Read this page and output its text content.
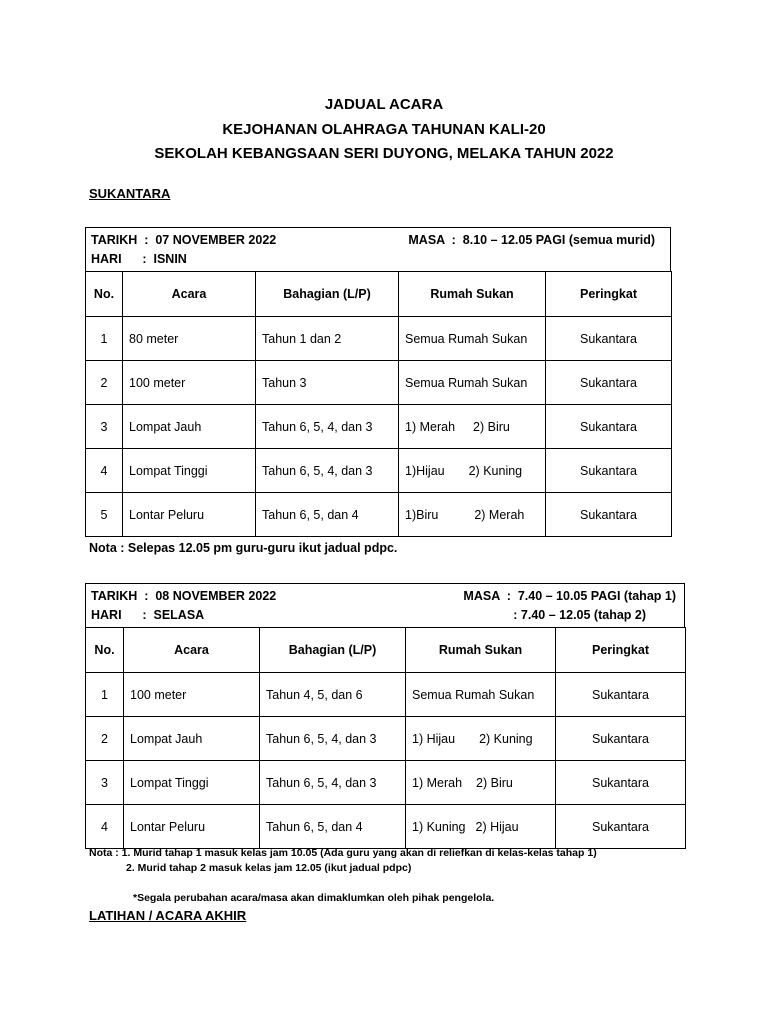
JADUAL ACARA
KEJOHANAN OLAHRAGA TAHUNAN KALI-20
SEKOLAH KEBANGSAAN SERI DUYONG, MELAKA TAHUN 2022
SUKANTARA
TARIKH  :  07 NOVEMBER 2022	MASA  :  8.10 – 12.05 PAGI (semua murid)
HARI      :  ISNIN
No.	Acara	Bahagian (L/P)	Rumah Sukan	Peringkat
1	80 meter	Tahun 1 dan 2	Semua Rumah Sukan	Sukantara
2	100 meter	Tahun 3	Semua Rumah Sukan	Sukantara
3	Lompat Jauh	Tahun 6, 5, 4, dan 3	1) Merah 2) Biru	Sukantara
4	Lompat Tinggi	Tahun 6, 5, 4, dan 3	1)Hijau 2) Kuning	Sukantara
5	Lontar Peluru	Tahun 6, 5, dan 4	1)Biru 2) Merah	Sukantara
Nota : Selepas 12.05 pm guru-guru ikut jadual pdpc.
TARIKH  :  08 NOVEMBER 2022	MASA  :  7.40 – 10.05 PAGI (tahap 1)
HARI      :  SELASA	: 7.40 – 12.05 (tahap 2)
No.	Acara	Bahagian (L/P)	Rumah Sukan	Peringkat
1	100 meter	Tahun 4, 5, dan 6	Semua Rumah Sukan	Sukantara
2	Lompat Jauh	Tahun 6, 5, 4, dan 3	1) Hijau 2) Kuning	Sukantara
3	Lompat Tinggi	Tahun 6, 5, 4, dan 3	1) Merah 2) Biru	Sukantara
4	Lontar Peluru	Tahun 6, 5, dan 4	1) Kuning 2) Hijau	Sukantara
Nota : 1. Murid tahap 1 masuk kelas jam 10.05 (Ada guru yang akan di reliefkan di kelas-kelas tahap 1)
2. Murid tahap 2 masuk kelas jam 12.05 (ikut jadual pdpc)
*Segala perubahan acara/masa akan dimaklumkan oleh pihak pengelola.
LATIHAN / ACARA AKHIR
